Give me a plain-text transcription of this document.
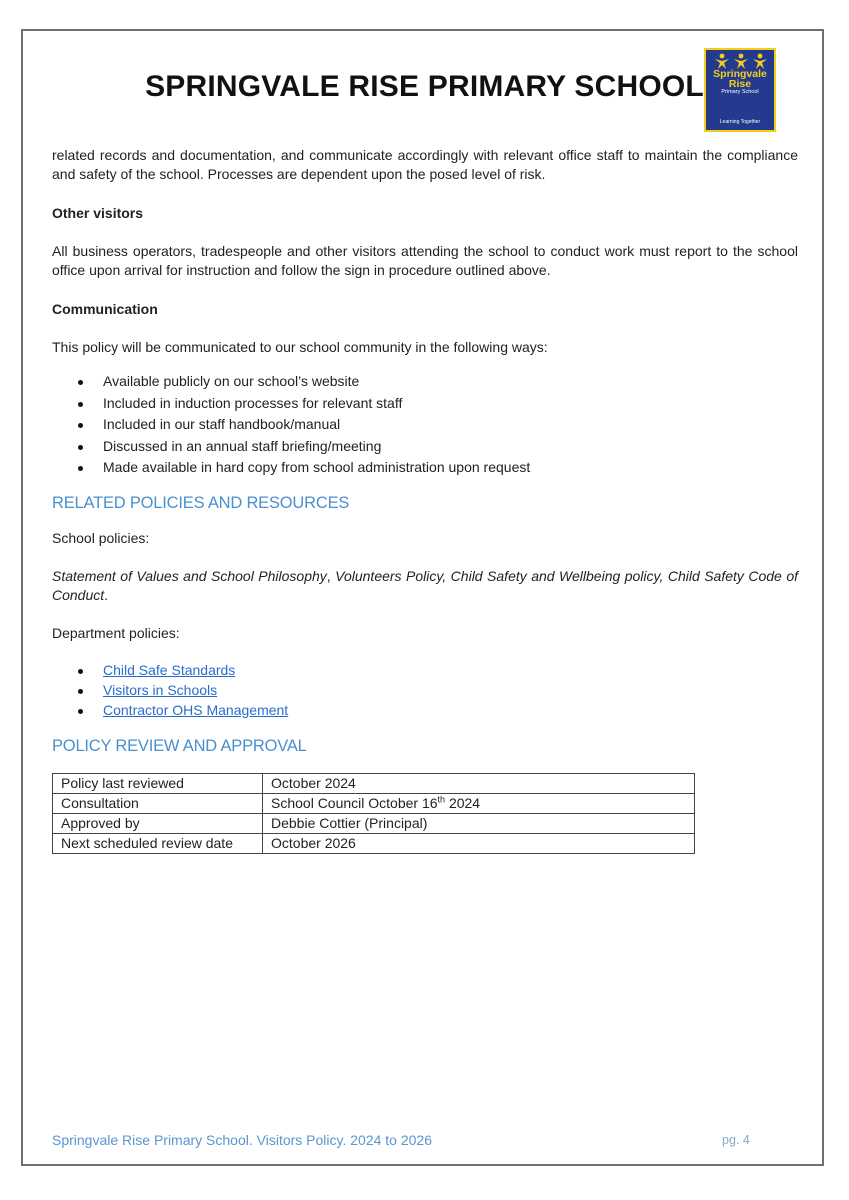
SPRINGVALE RISE PRIMARY SCHOOL Springvale
Rise
Primary School
Learning Together

related records and documentation, and communicate accordingly with relevant office staff to maintain the compliance and safety of the school. Processes are dependent upon the posed level of risk.

Other visitors

All business operators, tradespeople and other visitors attending the school to conduct work must report to the school office upon arrival for instruction and follow the sign in procedure outlined above.

Communication

This policy will be communicated to our school community in the following ways:

Available publicly on our school’s website
Included in induction processes for relevant staff
Included in our staff handbook/manual
Discussed in an annual staff briefing/meeting
Made available in hard copy from school administration upon request

RELATED POLICIES AND RESOURCES

School policies:

Statement of Values and School Philosophy, Volunteers Policy, Child Safety and Wellbeing policy, Child Safety Code of Conduct.

Department policies:

Child Safe Standards
Visitors in Schools
Contractor OHS Management

POLICY REVIEW AND APPROVAL

Policy last reviewed	October 2024
Consultation	School Council October 16th 2024
Approved by	Debbie Cottier (Principal)
Next scheduled review date	October 2026
Springvale Rise Primary School. Visitors Policy. 2024 to 2026	pg. 4
